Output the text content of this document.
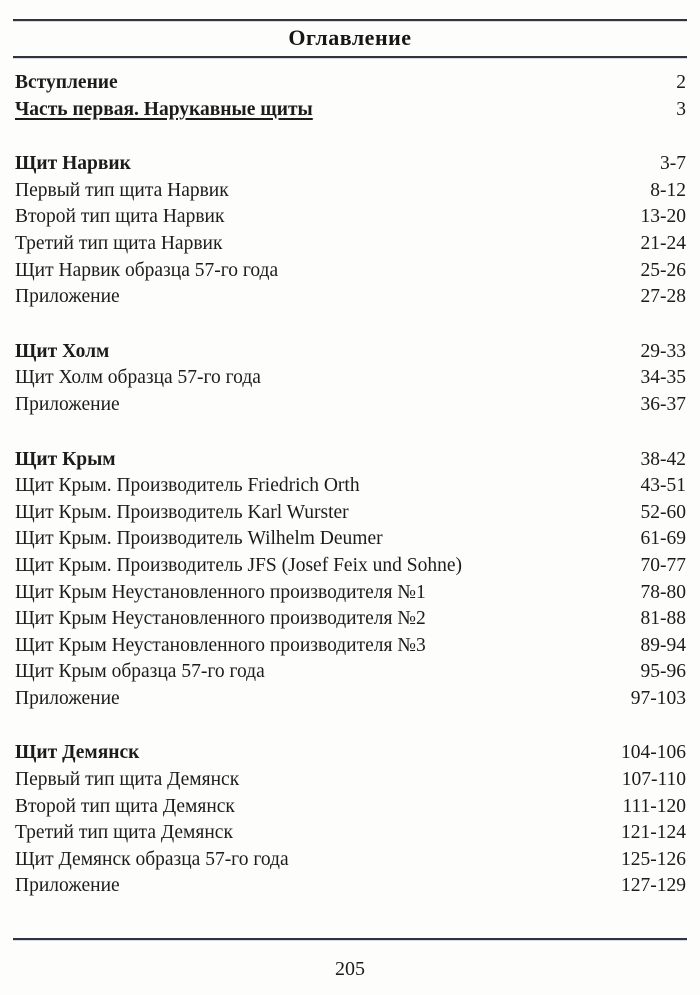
Оглавление
Вступление	2
Часть первая. Нарукавные щиты	3
Щит Нарвик	3-7
Первый тип щита Нарвик	8-12
Второй тип щита Нарвик	13-20
Третий тип щита Нарвик	21-24
Щит Нарвик образца 57-го года	25-26
Приложение	27-28
Щит Холм	29-33
Щит Холм образца 57-го года	34-35
Приложение	36-37
Щит Крым	38-42
Щит Крым. Производитель Friedrich Orth	43-51
Щит Крым. Производитель Karl Wurster	52-60
Щит Крым. Производитель Wilhelm Deumer	61-69
Щит Крым. Производитель JFS (Josef Feix und Sohne)	70-77
Щит Крым Неустановленного производителя №1	78-80
Щит Крым Неустановленного производителя №2	81-88
Щит Крым Неустановленного производителя №3	89-94
Щит Крым образца 57-го года	95-96
Приложение	97-103
Щит Демянск	104-106
Первый тип щита Демянск	107-110
Второй тип щита Демянск	111-120
Третий тип щита Демянск	121-124
Щит Демянск образца 57-го года	125-126
Приложение	127-129
205
